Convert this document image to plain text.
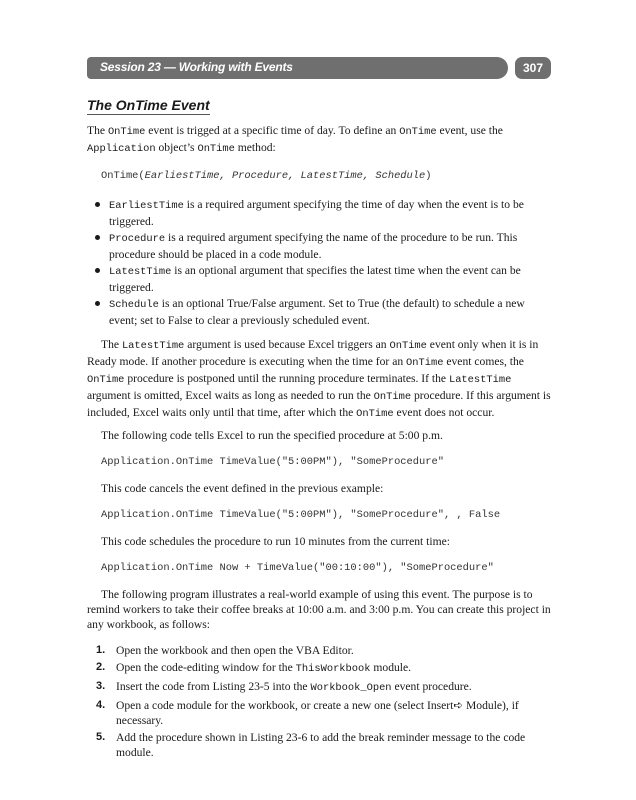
Session 23 — Working with Events	307
The OnTime Event

The OnTime event is trigged at a specific time of day. To define an OnTime event, use the Application object’s OnTime method:

OnTime(EarliestTime, Procedure, LatestTime, Schedule)
EarliestTime is a required argument specifying the time of day when the event is to be triggered.
Procedure is a required argument specifying the name of the procedure to be run. This procedure should be placed in a code module.
LatestTime is an optional argument that specifies the latest time when the event can be triggered.
Schedule is an optional True/False argument. Set to True (the default) to schedule a new event; set to False to clear a previously scheduled event.

The LatestTime argument is used because Excel triggers an OnTime event only when it is in Ready mode. If another procedure is executing when the time for an OnTime event comes, the OnTime procedure is postponed until the running procedure terminates. If the LatestTime argument is omitted, Excel waits as long as needed to run the OnTime procedure. If this argument is included, Excel waits only until that time, after which the OnTime event does not occur.

The following code tells Excel to run the specified procedure at 5:00 p.m.

Application.OnTime TimeValue("5:00PM"), "SomeProcedure"

This code cancels the event defined in the previous example:

Application.OnTime TimeValue("5:00PM"), "SomeProcedure", , False

This code schedules the procedure to run 10 minutes from the current time:

Application.OnTime Now + TimeValue("00:10:00"), "SomeProcedure"

The following program illustrates a real-world example of using this event. The purpose is to remind workers to take their coffee breaks at 10:00 a.m. and 3:00 p.m. You can create this project in any workbook, as follows:

1. Open the workbook and then open the VBA Editor.
2. Open the code-editing window for the ThisWorkbook module.
3. Insert the code from Listing 23-5 into the Workbook_Open event procedure.
4. Open a code module for the workbook, or create a new one (select Insert➪ Module), if necessary.
5. Add the procedure shown in Listing 23-6 to add the break reminder message to the code module.
